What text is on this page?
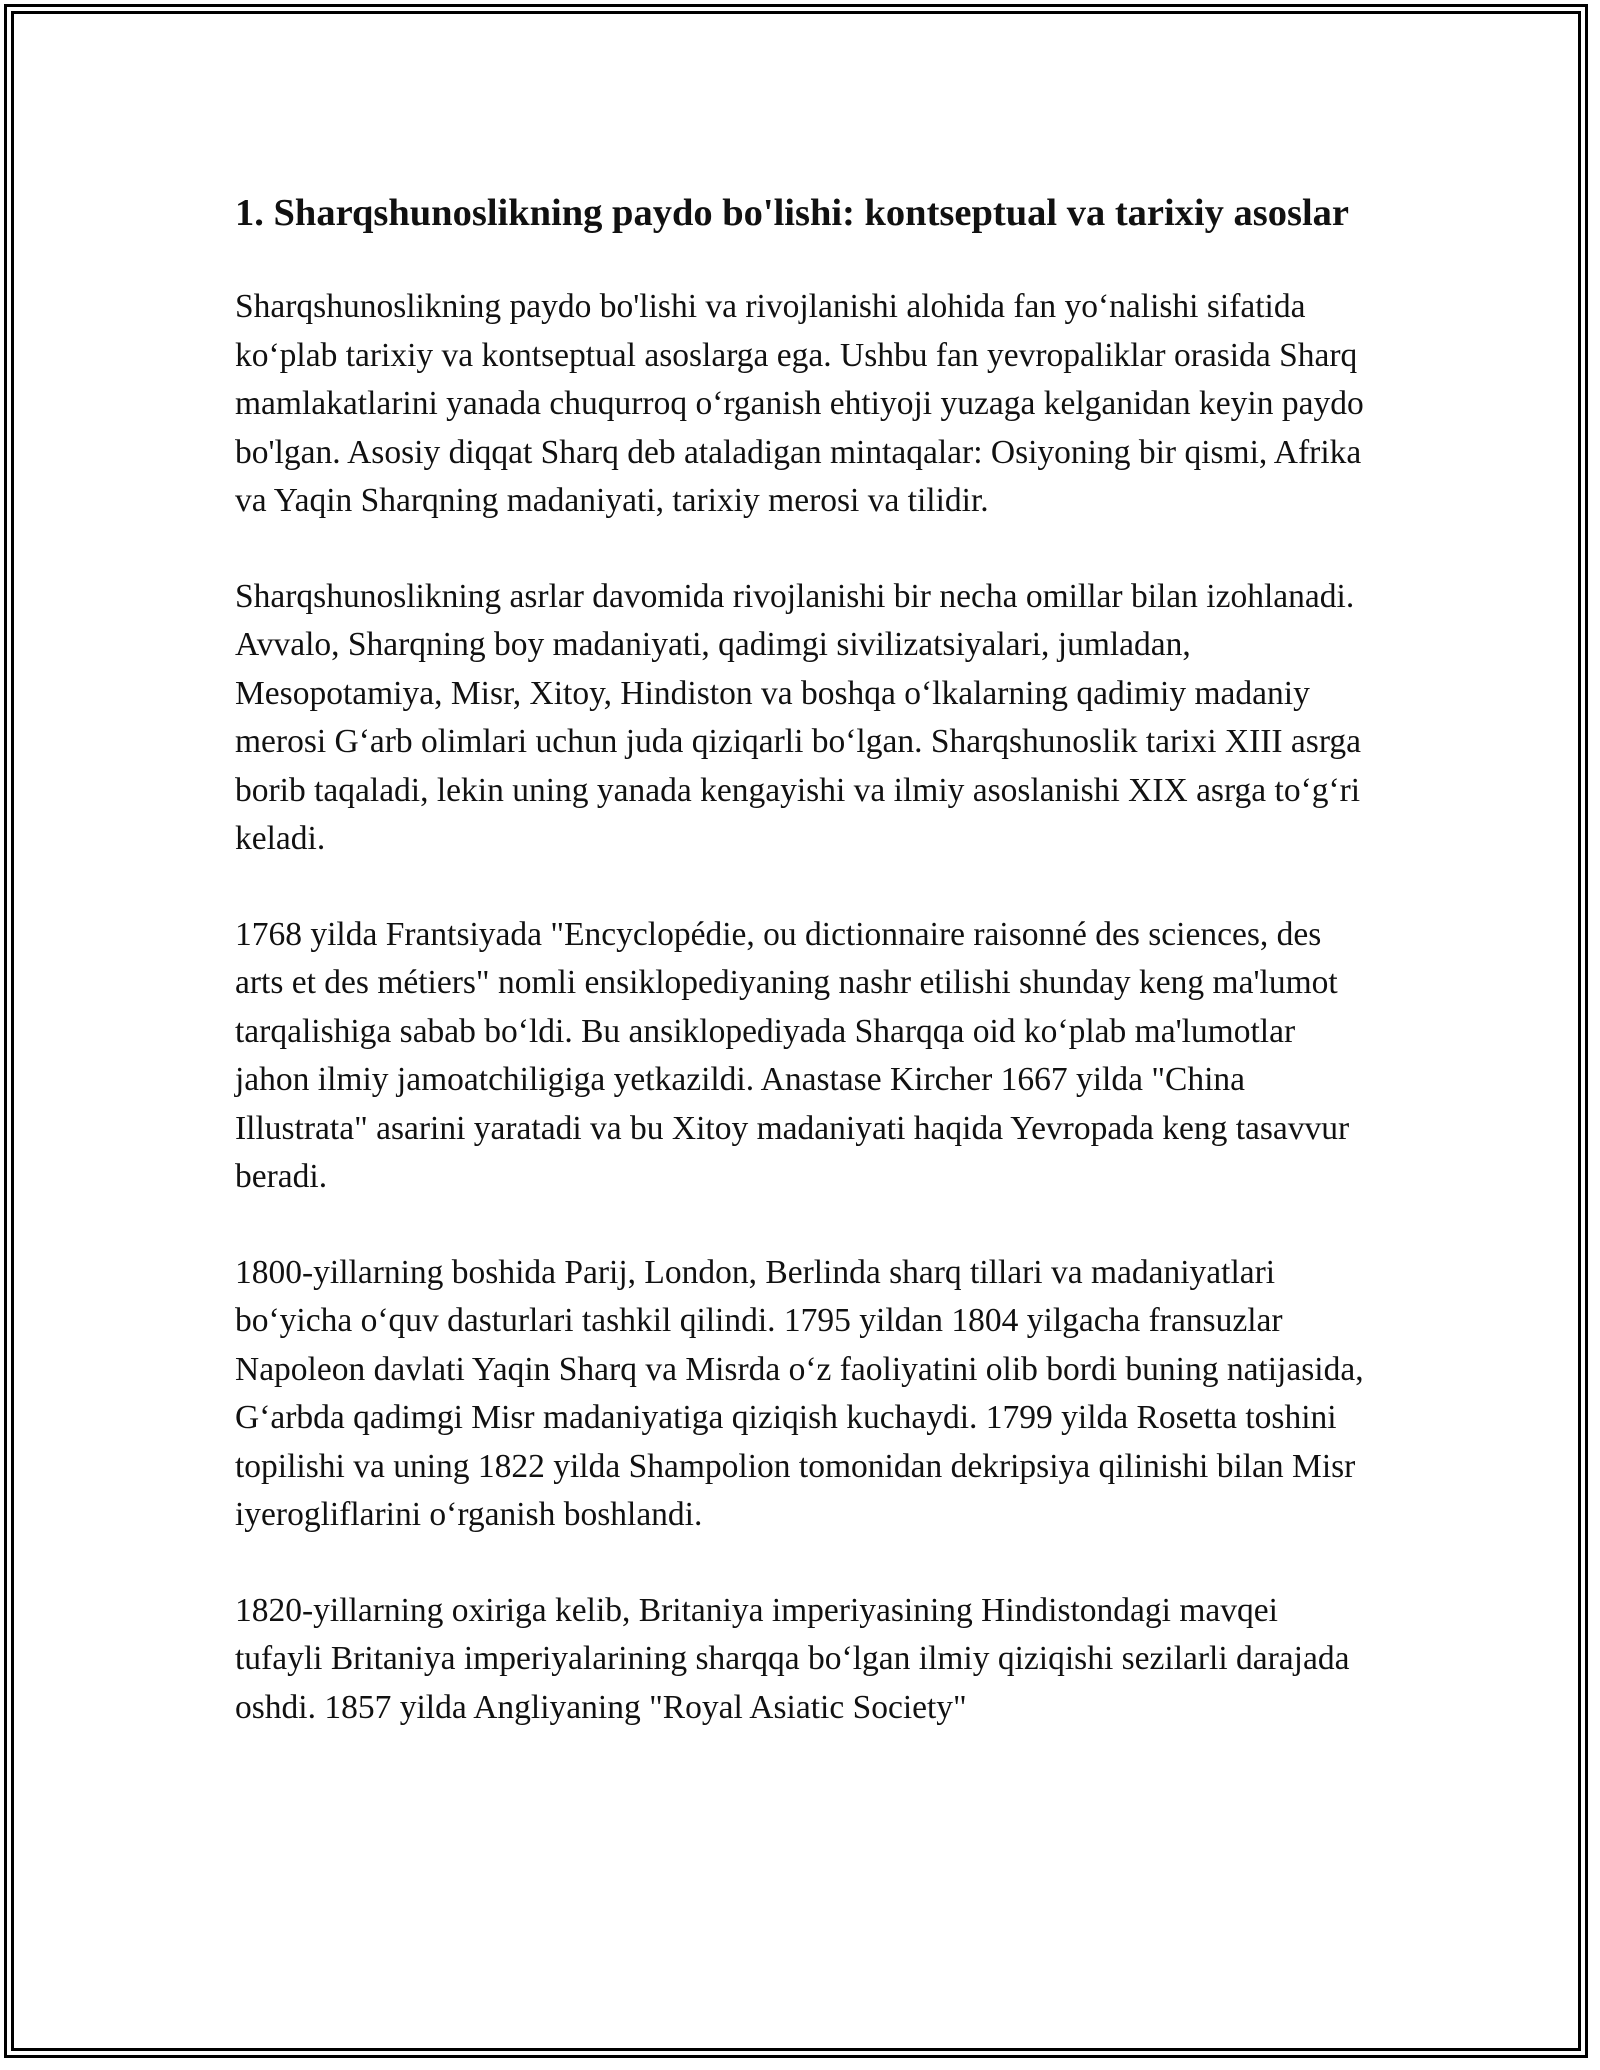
1. Sharqshunoslikning paydo bo'lishi: kontseptual va tarixiy asoslar

Sharqshunoslikning paydo bo'lishi va rivojlanishi alohida fan yo‘nalishi sifatida ko‘plab tarixiy va kontseptual asoslarga ega. Ushbu fan yevropaliklar orasida Sharq mamlakatlarini yanada chuqurroq o‘rganish ehtiyoji yuzaga kelganidan keyin paydo bo'lgan. Asosiy diqqat Sharq deb ataladigan mintaqalar: Osiyoning bir qismi, Afrika va Yaqin Sharqning madaniyati, tarixiy merosi va tilidir.

Sharqshunoslikning asrlar davomida rivojlanishi bir necha omillar bilan izohlanadi. Avvalo, Sharqning boy madaniyati, qadimgi sivilizatsiyalari, jumladan, Mesopotamiya, Misr, Xitoy, Hindiston va boshqa o‘lkalarning qadimiy madaniy merosi G‘arb olimlari uchun juda qiziqarli bo‘lgan. Sharqshunoslik tarixi XIII asrga borib taqaladi, lekin uning yanada kengayishi va ilmiy asoslanishi XIX asrga to‘g‘ri keladi.

1768 yilda Frantsiyada "Encyclopédie, ou dictionnaire raisonné des sciences, des arts et des métiers" nomli ensiklopediyaning nashr etilishi shunday keng ma'lumot tarqalishiga sabab bo‘ldi. Bu ansiklopediyada Sharqqa oid ko‘plab ma'lumotlar jahon ilmiy jamoatchiligiga yetkazildi. Anastase Kircher 1667 yilda "China Illustrata" asarini yaratadi va bu Xitoy madaniyati haqida Yevropada keng tasavvur beradi.

1800-yillarning boshida Parij, London, Berlinda sharq tillari va madaniyatlari bo‘yicha o‘quv dasturlari tashkil qilindi. 1795 yildan 1804 yilgacha fransuzlar Napoleon davlati Yaqin Sharq va Misrda o‘z faoliyatini olib bordi buning natijasida, G‘arbda qadimgi Misr madaniyatiga qiziqish kuchaydi. 1799 yilda Rosetta toshini topilishi va uning 1822 yilda Shampolion tomonidan dekripsiya qilinishi bilan Misr iyerogliflarini o‘rganish boshlandi.

1820-yillarning oxiriga kelib, Britaniya imperiyasining Hindistondagi mavqei tufayli Britaniya imperiyalarining sharqqa bo‘lgan ilmiy qiziqishi sezilarli darajada oshdi. 1857 yilda Angliyaning "Royal Asiatic Society"
